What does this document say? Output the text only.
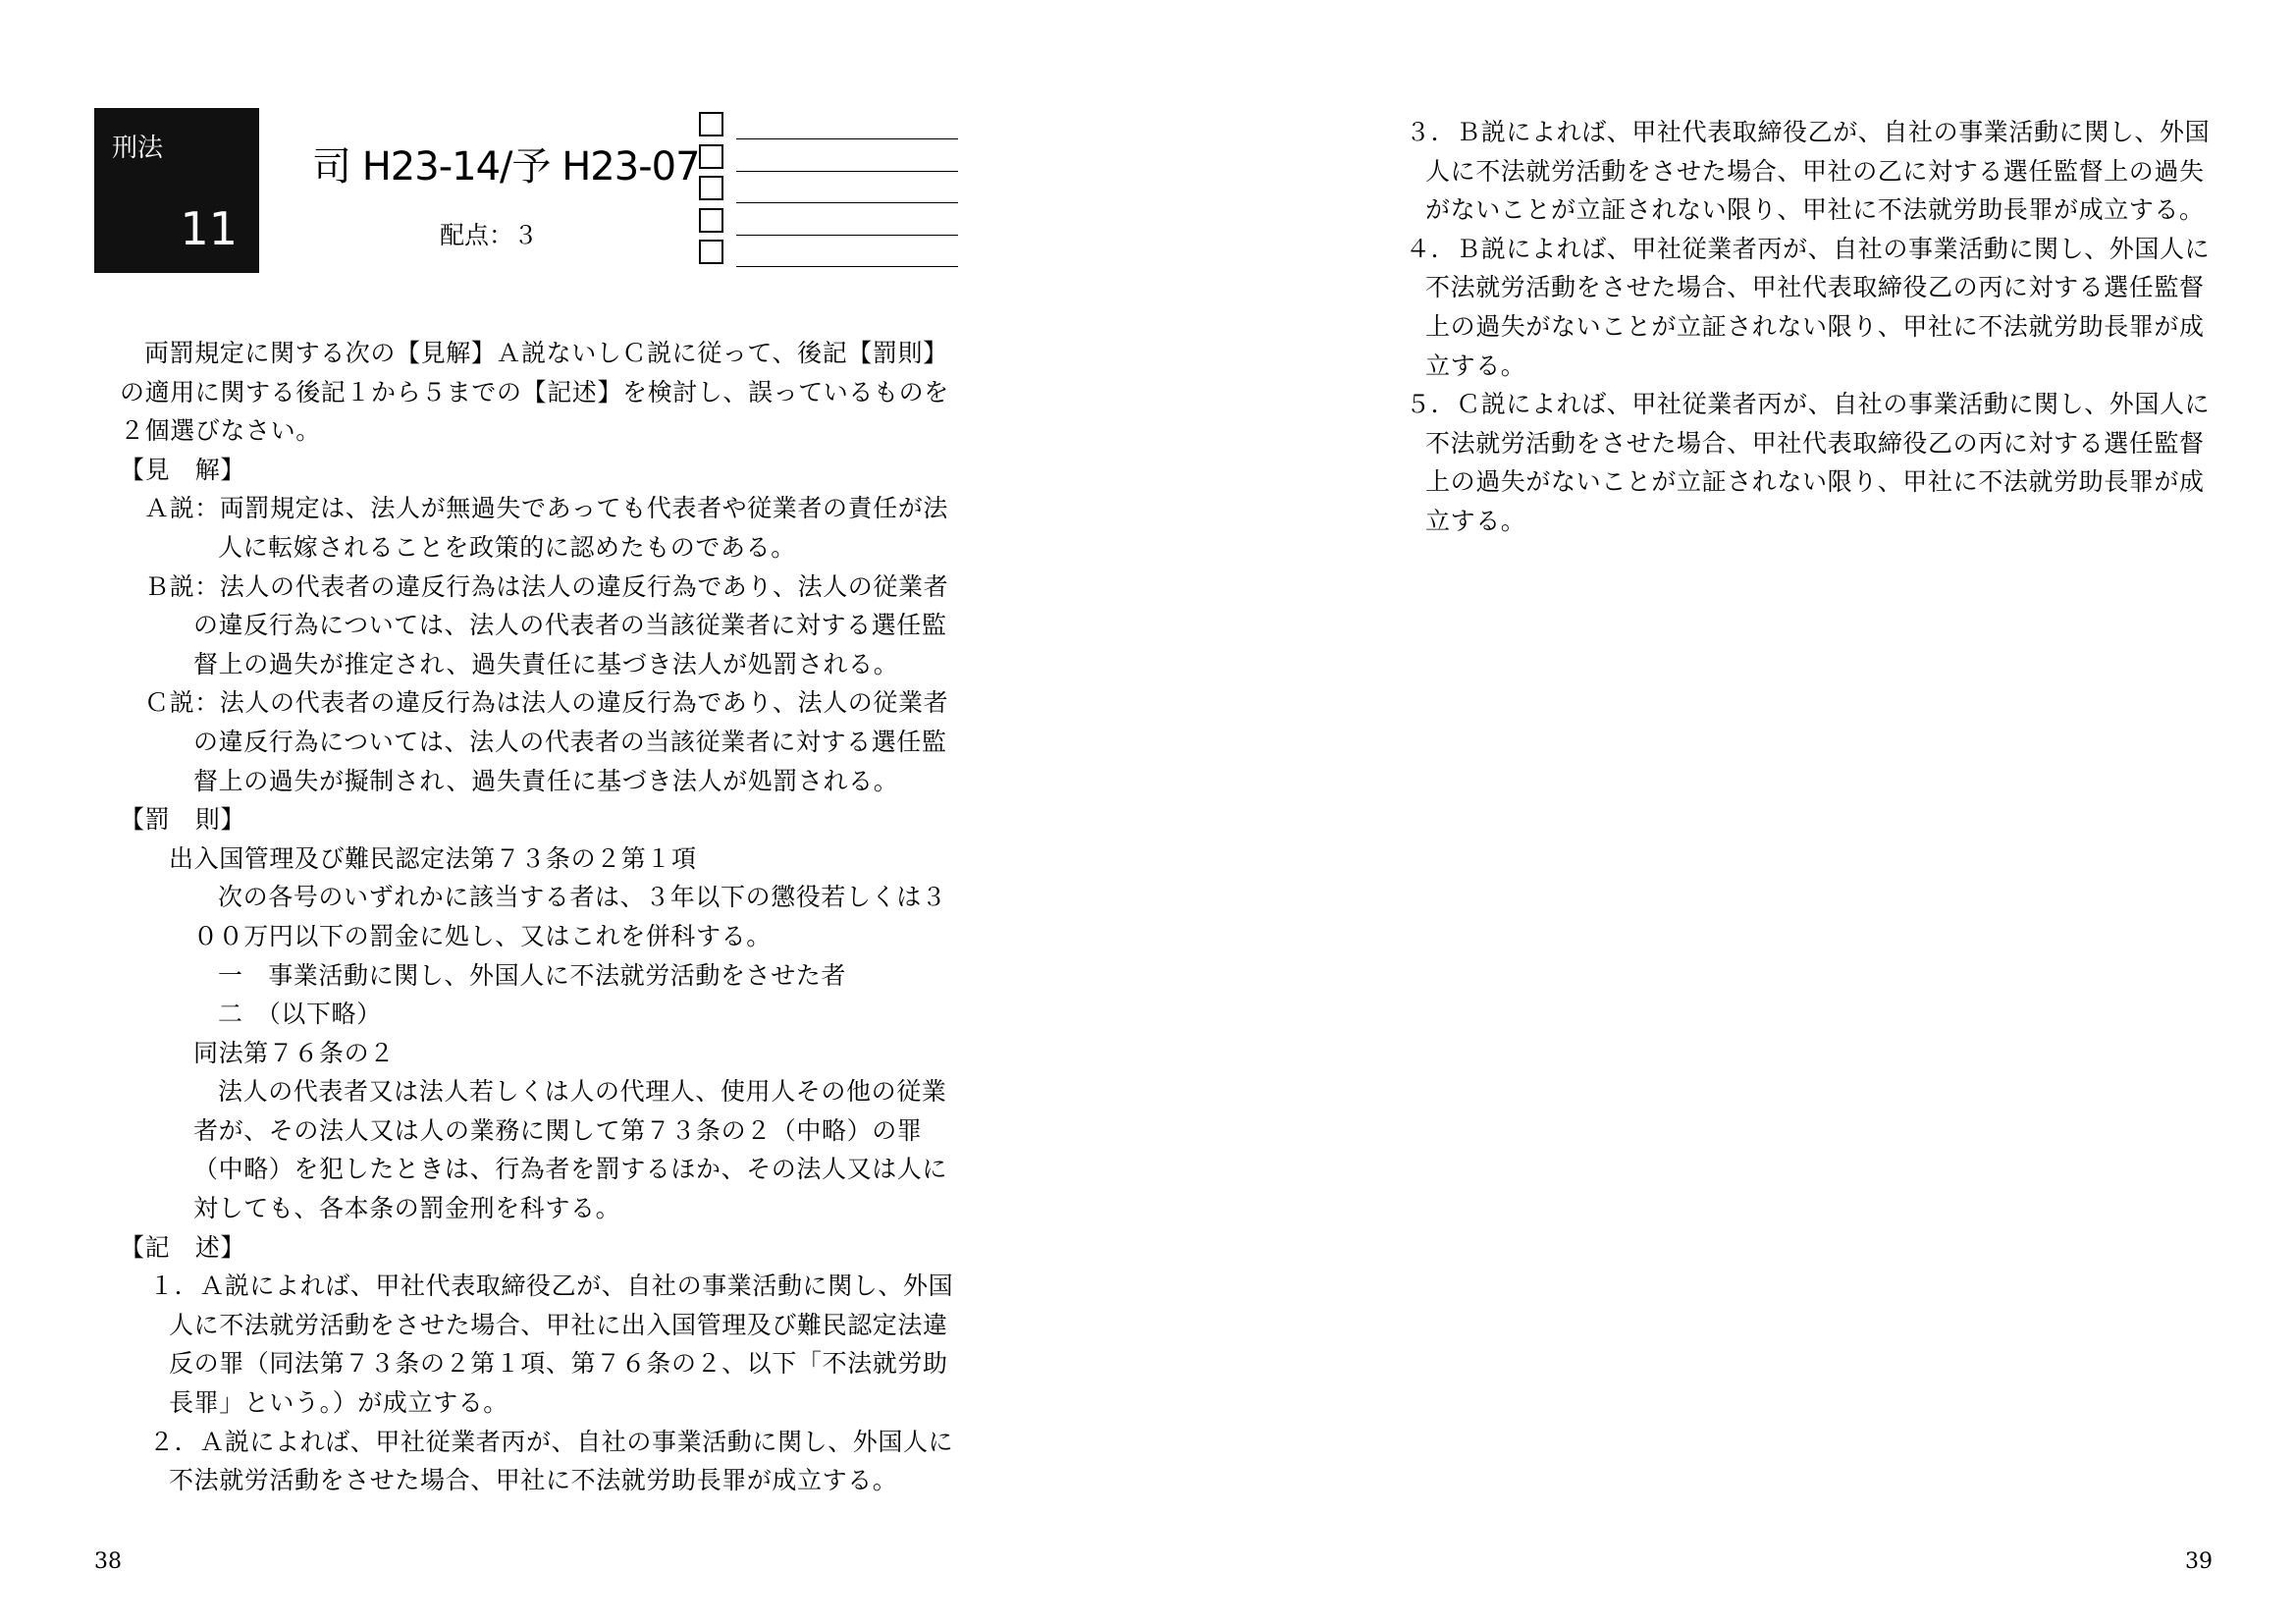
刑法
11
司 H23-14/予 H23-07
配点：３
両罰規定に関する次の【見解】Ａ説ないしＣ説に従って、後記【罰則】
の適用に関する後記１から５までの【記述】を検討し、誤っているものを
２個選びなさい。
【見　解】
Ａ説：両罰規定は、法人が無過失であっても代表者や従業者の責任が法
人に転嫁されることを政策的に認めたものである。
Ｂ説：法人の代表者の違反行為は法人の違反行為であり、法人の従業者
の違反行為については、法人の代表者の当該従業者に対する選任監
督上の過失が推定され、過失責任に基づき法人が処罰される。
Ｃ説：法人の代表者の違反行為は法人の違反行為であり、法人の従業者
の違反行為については、法人の代表者の当該従業者に対する選任監
督上の過失が擬制され、過失責任に基づき法人が処罰される。
【罰　則】
出入国管理及び難民認定法第７３条の２第１項
次の各号のいずれかに該当する者は、３年以下の懲役若しくは３
００万円以下の罰金に処し、又はこれを併科する。
一　事業活動に関し、外国人に不法就労活動をさせた者
二　（以下略）
同法第７６条の２
法人の代表者又は法人若しくは人の代理人、使用人その他の従業
者が、その法人又は人の業務に関して第７３条の２（中略）の罪
（中略）を犯したときは、行為者を罰するほか、その法人又は人に
対しても、各本条の罰金刑を科する。
【記　述】
１．Ａ説によれば、甲社代表取締役乙が、自社の事業活動に関し、外国
人に不法就労活動をさせた場合、甲社に出入国管理及び難民認定法違
反の罪（同法第７３条の２第１項、第７６条の２、以下「不法就労助
長罪」という。）が成立する。
２．Ａ説によれば、甲社従業者丙が、自社の事業活動に関し、外国人に
不法就労活動をさせた場合、甲社に不法就労助長罪が成立する。
38
３．Ｂ説によれば、甲社代表取締役乙が、自社の事業活動に関し、外国
人に不法就労活動をさせた場合、甲社の乙に対する選任監督上の過失
がないことが立証されない限り、甲社に不法就労助長罪が成立する。
４．Ｂ説によれば、甲社従業者丙が、自社の事業活動に関し、外国人に
不法就労活動をさせた場合、甲社代表取締役乙の丙に対する選任監督
上の過失がないことが立証されない限り、甲社に不法就労助長罪が成
立する。
５．Ｃ説によれば、甲社従業者丙が、自社の事業活動に関し、外国人に
不法就労活動をさせた場合、甲社代表取締役乙の丙に対する選任監督
上の過失がないことが立証されない限り、甲社に不法就労助長罪が成
立する。
39
